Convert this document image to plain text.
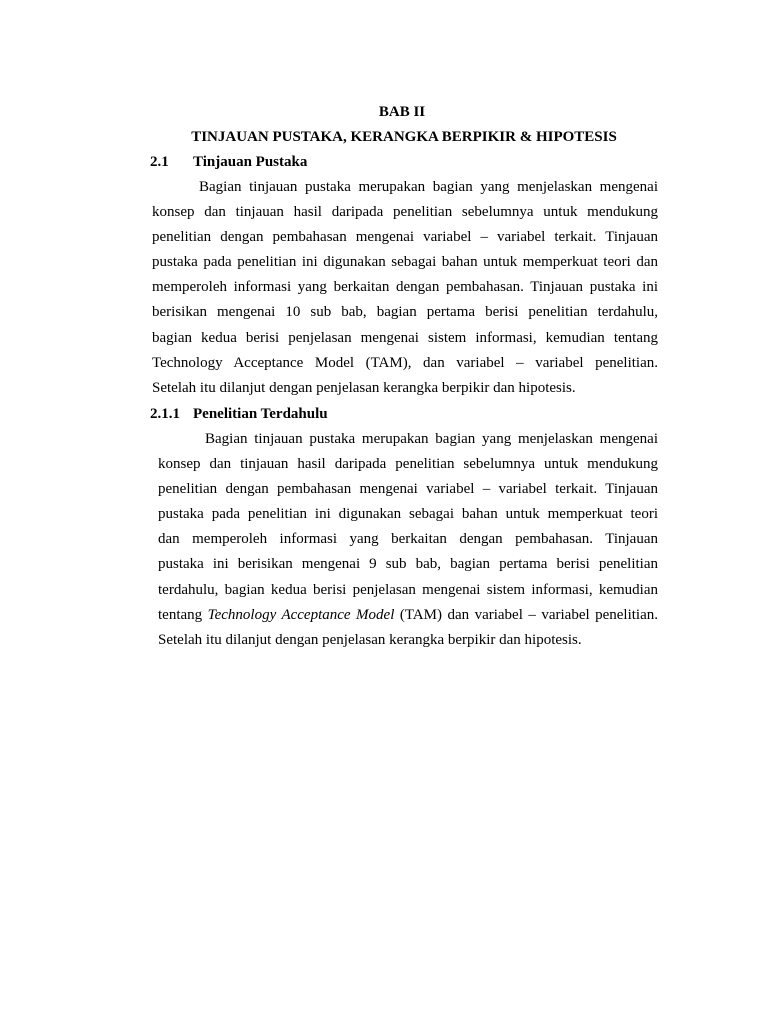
BAB II
TINJAUAN PUSTAKA, KERANGKA BERPIKIR & HIPOTESIS
2.1 Tinjauan Pustaka
Bagian tinjauan pustaka merupakan bagian yang menjelaskan mengenai
konsep dan tinjauan hasil daripada penelitian sebelumnya untuk mendukung
penelitian dengan pembahasan mengenai variabel – variabel terkait. Tinjauan
pustaka pada penelitian ini digunakan sebagai bahan untuk memperkuat teori dan
memperoleh informasi yang berkaitan dengan pembahasan. Tinjauan pustaka ini
berisikan mengenai 10 sub bab, bagian pertama berisi penelitian terdahulu,
bagian kedua berisi penjelasan mengenai sistem informasi, kemudian tentang
Technology Acceptance Model (TAM), dan variabel – variabel penelitian.
Setelah itu dilanjut dengan penjelasan kerangka berpikir dan hipotesis.
2.1.1 Penelitian Terdahulu
Bagian tinjauan pustaka merupakan bagian yang menjelaskan mengenai
konsep dan tinjauan hasil daripada penelitian sebelumnya untuk mendukung
penelitian dengan pembahasan mengenai variabel – variabel terkait. Tinjauan
pustaka pada penelitian ini digunakan sebagai bahan untuk memperkuat teori
dan memperoleh informasi yang berkaitan dengan pembahasan. Tinjauan
pustaka ini berisikan mengenai 9 sub bab, bagian pertama berisi penelitian
terdahulu, bagian kedua berisi penjelasan mengenai sistem informasi, kemudian
tentang Technology Acceptance Model (TAM) dan variabel – variabel penelitian.
Setelah itu dilanjut dengan penjelasan kerangka berpikir dan hipotesis.
